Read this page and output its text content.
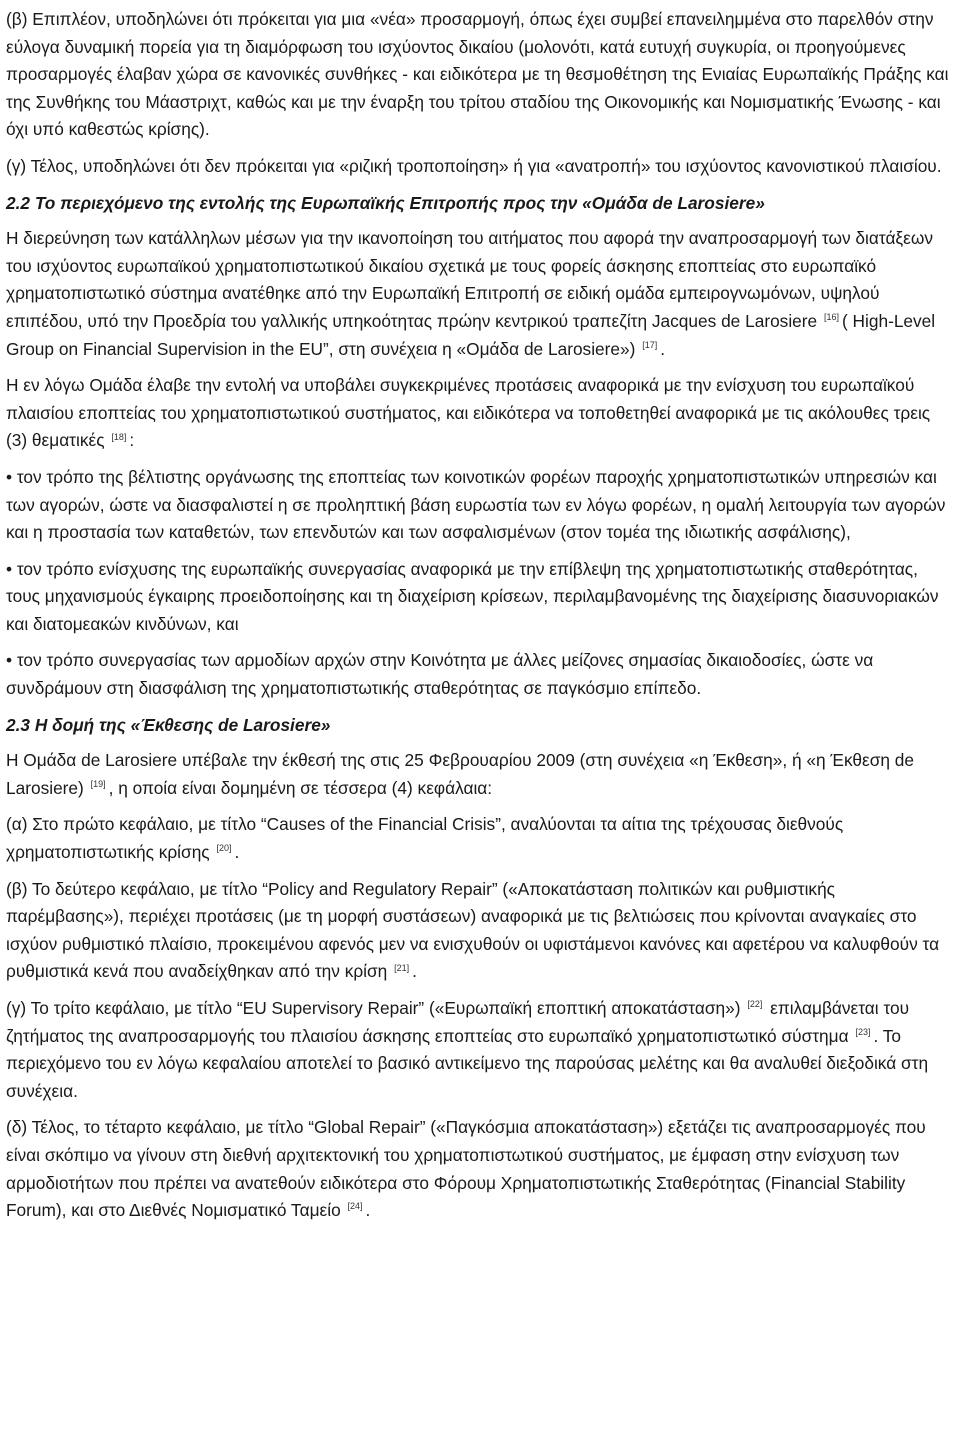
(β) Επιπλέον, υποδηλώνει ότι πρόκειται για μια «νέα» προσαρμογή, όπως έχει συμβεί επανειλημμένα στο παρελθόν στην εύλογα δυναμική πορεία για τη διαμόρφωση του ισχύοντος δικαίου (μολονότι, κατά ευτυχή συγκυρία, οι προηγούμενες προσαρμογές έλαβαν χώρα σε κανονικές συνθήκες - και ειδικότερα με τη θεσμοθέτηση της Ενιαίας Ευρωπαϊκής Πράξης και της Συνθήκης του Μάαστριχτ, καθώς και με την έναρξη του τρίτου σταδίου της Οικονομικής και Νομισματικής Ένωσης - και όχι υπό καθεστώς κρίσης).

(γ) Τέλος, υποδηλώνει ότι δεν πρόκειται για «ριζική τροποποίηση» ή για «ανατροπή» του ισχύοντος κανονιστικού πλαισίου.

2.2 Το περιεχόμενο της εντολής της Ευρωπαϊκής Επιτροπής προς την «Ομάδα de Larosiere»

Η διερεύνηση των κατάλληλων μέσων για την ικανοποίηση του αιτήματος που αφορά την αναπροσαρμογή των διατάξεων του ισχύοντος ευρωπαϊκού χρηματοπιστωτικού δικαίου σχετικά με τους φορείς άσκησης εποπτείας στο ευρωπαϊκό χρηματοπιστωτικό σύστημα ανατέθηκε από την Ευρωπαϊκή Επιτροπή σε ειδική ομάδα εμπειρογνωμόνων, υψηλού επιπέδου, υπό την Προεδρία του γαλλικής υπηκοότητας πρώην κεντρικού τραπεζίτη Jacques de Larosiere [16] ( High-Level Group on Financial Supervision in the EU”, στη συνέχεια η «Ομάδα de Larosiere») [17] .

Η εν λόγω Ομάδα έλαβε την εντολή να υποβάλει συγκεκριμένες προτάσεις αναφορικά με την ενίσχυση του ευρωπαϊκού πλαισίου εποπτείας του χρηματοπιστωτικού συστήματος, και ειδικότερα να τοποθετηθεί αναφορικά με τις ακόλουθες τρεις (3) θεματικές [18] :

• τον τρόπο της βέλτιστης οργάνωσης της εποπτείας των κοινοτικών φορέων παροχής χρηματοπιστωτικών υπηρεσιών και των αγορών, ώστε να διασφαλιστεί η σε προληπτική βάση ευρωστία των εν λόγω φορέων, η ομαλή λειτουργία των αγορών και η προστασία των καταθετών, των επενδυτών και των ασφαλισμένων (στον τομέα της ιδιωτικής ασφάλισης),

• τον τρόπο ενίσχυσης της ευρωπαϊκής συνεργασίας αναφορικά με την επίβλεψη της χρηματοπιστωτικής σταθερότητας, τους μηχανισμούς έγκαιρης προειδοποίησης και τη διαχείριση κρίσεων, περιλαμβανομένης της διαχείρισης διασυνοριακών και διατομεακών κινδύνων, και

• τον τρόπο συνεργασίας των αρμοδίων αρχών στην Κοινότητα με άλλες μείζονες σημασίας δικαιοδοσίες, ώστε να συνδράμουν στη διασφάλιση της χρηματοπιστωτικής σταθερότητας σε παγκόσμιο επίπεδο.

2.3 Η δομή της «Έκθεσης de Larosiere»

Η Ομάδα de Larosiere υπέβαλε την έκθεσή της στις 25 Φεβρουαρίου 2009 (στη συνέχεια «η Έκθεση», ή «η Έκθεση de Larosiere) [19] , η οποία είναι δομημένη σε τέσσερα (4) κεφάλαια:

(α) Στο πρώτο κεφάλαιο, με τίτλο “Causes of the Financial Crisis”, αναλύονται τα αίτια της τρέχουσας διεθνούς χρηματοπιστωτικής κρίσης [20] .

(β) Το δεύτερο κεφάλαιο, με τίτλο “Policy and Regulatory Repair” («Αποκατάσταση πολιτικών και ρυθμιστικής παρέμβασης»), περιέχει προτάσεις (με τη μορφή συστάσεων) αναφορικά με τις βελτιώσεις που κρίνονται αναγκαίες στο ισχύον ρυθμιστικό πλαίσιο, προκειμένου αφενός μεν να ενισχυθούν οι υφιστάμενοι κανόνες και αφετέρου να καλυφθούν τα ρυθμιστικά κενά που αναδείχθηκαν από την κρίση [21] .

(γ) Το τρίτο κεφάλαιο, με τίτλο “EU Supervisory Repair” («Ευρωπαϊκή εποπτική αποκατάσταση») [22] επιλαμβάνεται του ζητήματος της αναπροσαρμογής του πλαισίου άσκησης εποπτείας στο ευρωπαϊκό χρηματοπιστωτικό σύστημα [23] . Το περιεχόμενο του εν λόγω κεφαλαίου αποτελεί το βασικό αντικείμενο της παρούσας μελέτης και θα αναλυθεί διεξοδικά στη συνέχεια.

(δ) Τέλος, το τέταρτο κεφάλαιο, με τίτλο “Global Repair” («Παγκόσμια αποκατάσταση») εξετάζει τις αναπροσαρμογές που είναι σκόπιμο να γίνουν στη διεθνή αρχιτεκτονική του χρηματοπιστωτικού συστήματος, με έμφαση στην ενίσχυση των αρμοδιοτήτων που πρέπει να ανατεθούν ειδικότερα στο Φόρουμ Χρηματοπιστωτικής Σταθερότητας (Financial Stability Forum), και στο Διεθνές Νομισματικό Ταμείο [24] .
